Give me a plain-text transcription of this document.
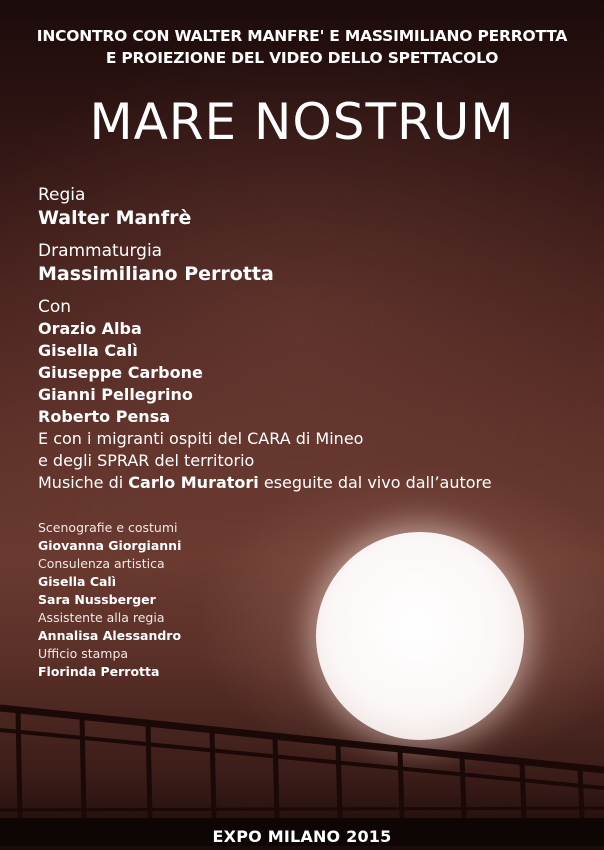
INCONTRO CON WALTER MANFRE' E MASSIMILIANO PERROTTA
E PROIEZIONE DEL VIDEO DELLO SPETTACOLO
MARE NOSTRUM
Regia
Walter Manfrè
Drammaturgia
Massimiliano Perrotta
Con
Orazio Alba
Gisella Calì
Giuseppe Carbone
Gianni Pellegrino
Roberto Pensa
E con i migranti ospiti del CARA di Mineo
e degli SPRAR del territorio
Musiche di Carlo Muratori eseguite dal vivo dall’autore
Scenografie e costumi
Giovanna Giorgianni
Consulenza artistica
Gisella Calì
Sara Nussberger
Assistente alla regia
Annalisa Alessandro
Ufficio stampa
Florinda Perrotta
EXPO MILANO 2015
